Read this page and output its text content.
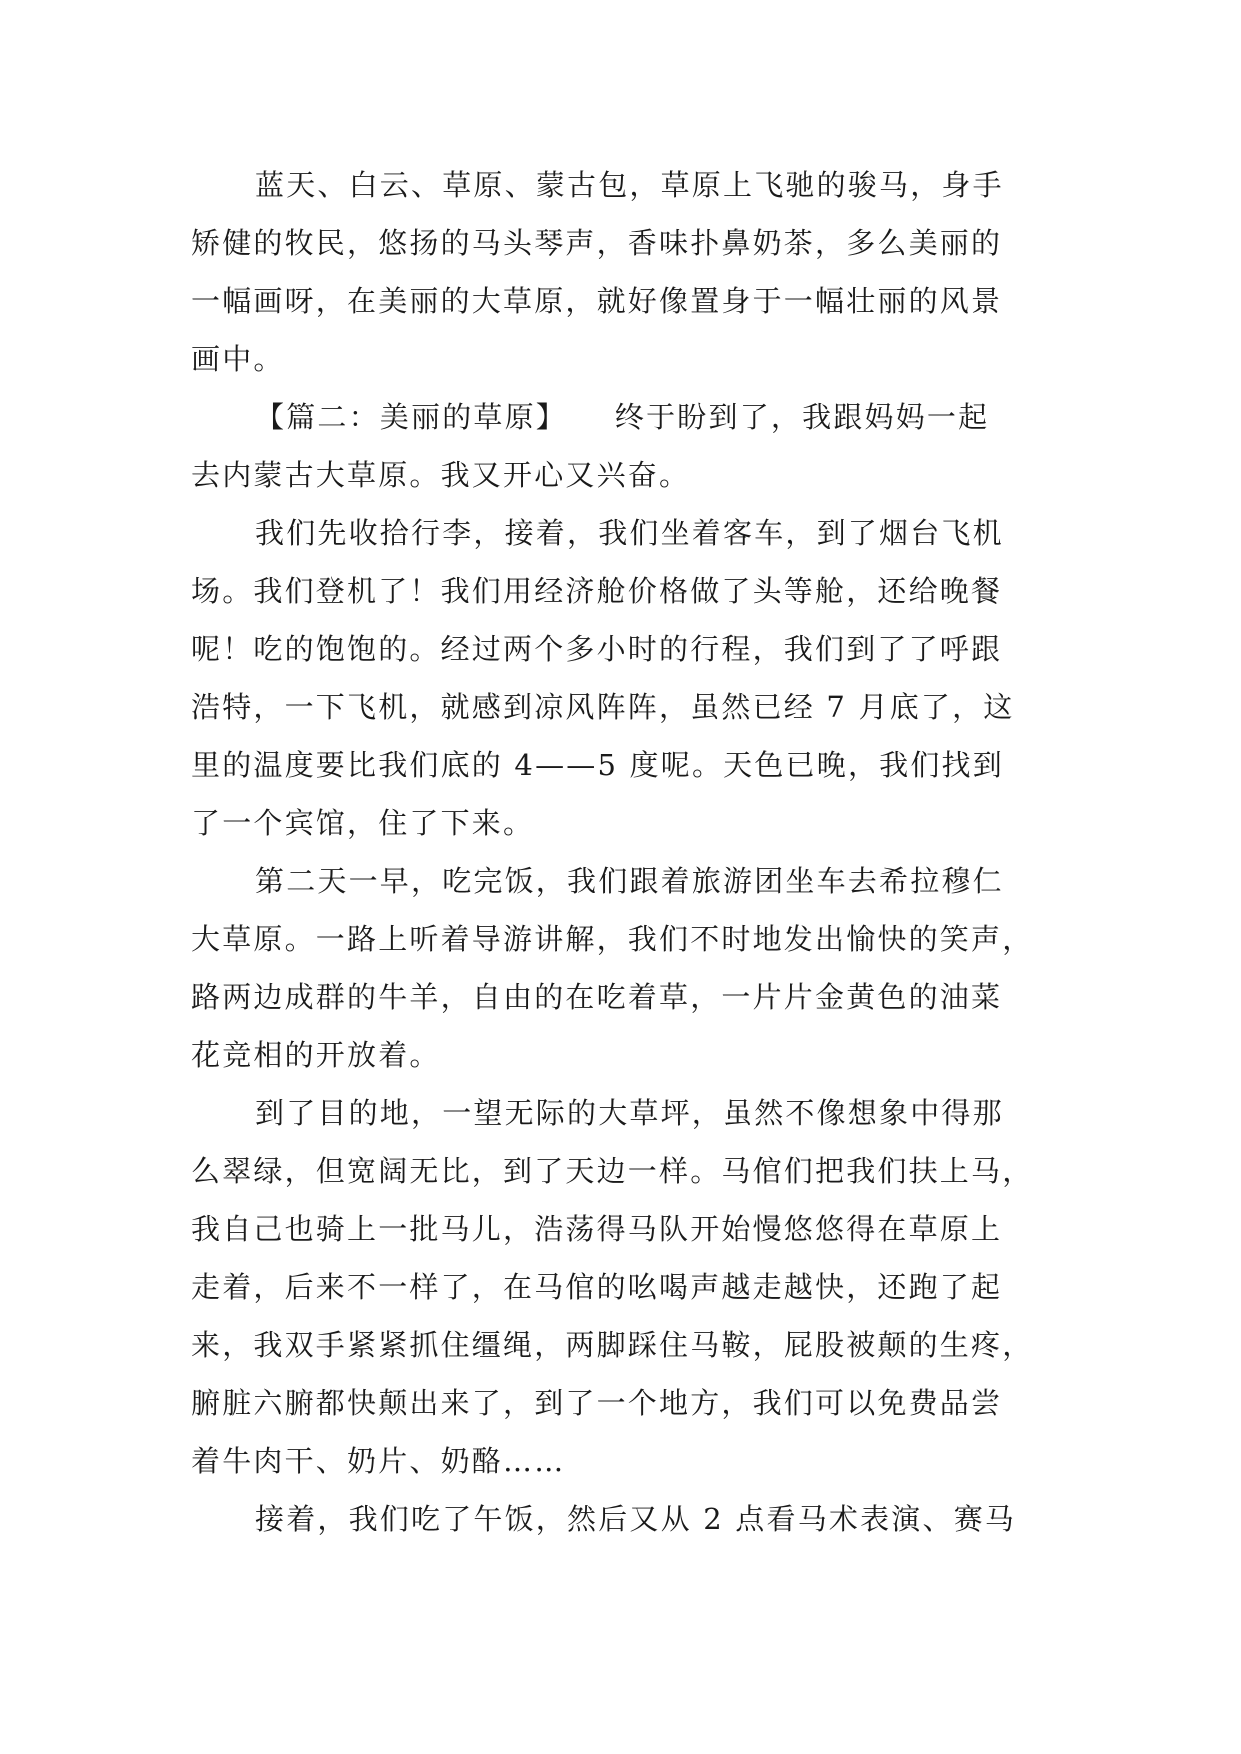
蓝天、白云、草原、蒙古包，草原上飞驰的骏马，身手
矫健的牧民，悠扬的马头琴声，香味扑鼻奶茶，多么美丽的
一幅画呀，在美丽的大草原，就好像置身于一幅壮丽的风景
画中。
【篇二：美丽的草原】　　终于盼到了，我跟妈妈一起
去内蒙古大草原。我又开心又兴奋。
我们先收拾行李，接着，我们坐着客车，到了烟台飞机
场。我们登机了！我们用经济舱价格做了头等舱，还给晚餐
呢！吃的饱饱的。经过两个多小时的行程，我们到了了呼跟
浩特，一下飞机，就感到凉风阵阵，虽然已经 7 月底了，这
里的温度要比我们底的 4——5 度呢。天色已晚，我们找到
了一个宾馆，住了下来。
第二天一早，吃完饭，我们跟着旅游团坐车去希拉穆仁
大草原。一路上听着导游讲解，我们不时地发出愉快的笑声，
路两边成群的牛羊，自由的在吃着草，一片片金黄色的油菜
花竞相的开放着。
到了目的地，一望无际的大草坪，虽然不像想象中得那
么翠绿，但宽阔无比，到了天边一样。马倌们把我们扶上马，
我自己也骑上一批马儿，浩荡得马队开始慢悠悠得在草原上
走着，后来不一样了，在马倌的吆喝声越走越快，还跑了起
来，我双手紧紧抓住缰绳，两脚踩住马鞍，屁股被颠的生疼，
腑脏六腑都快颠出来了，到了一个地方，我们可以免费品尝
着牛肉干、奶片、奶酪……
接着，我们吃了午饭，然后又从 2 点看马术表演、赛马
